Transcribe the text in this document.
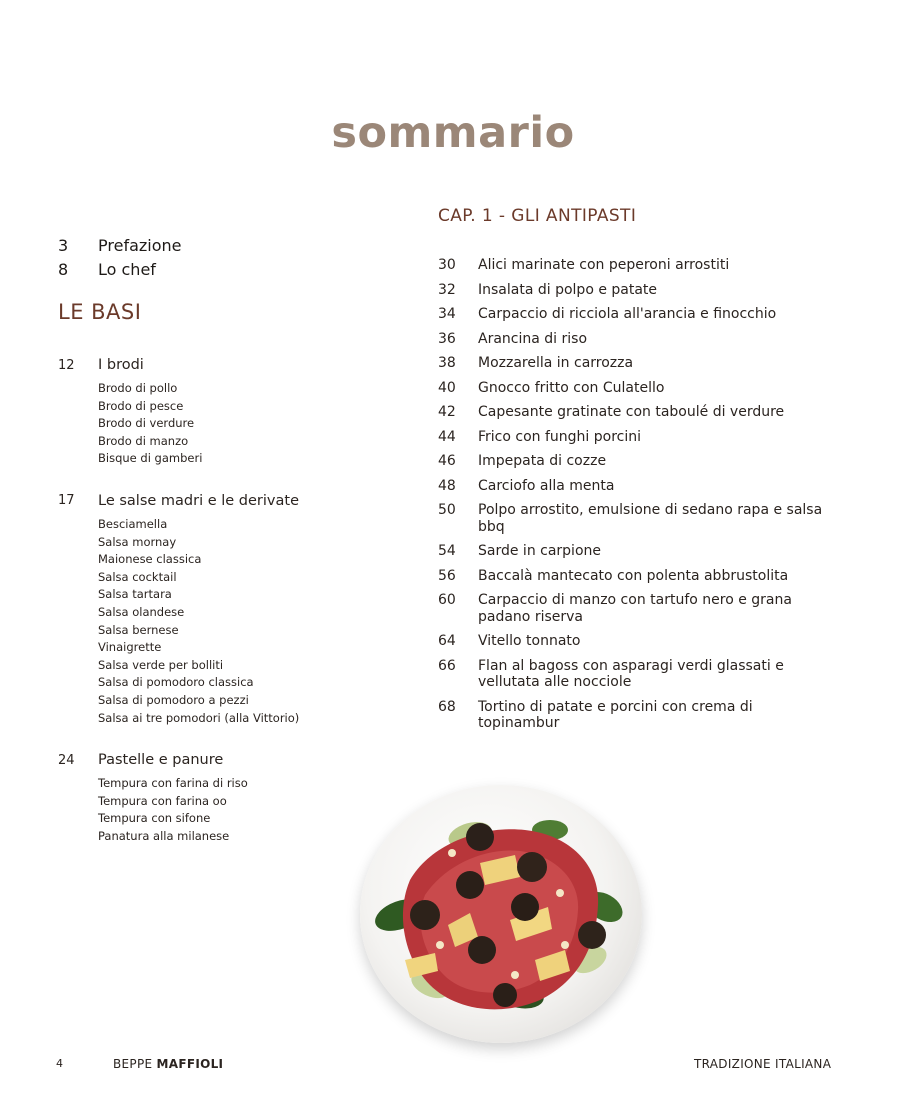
sommario
3	Prefazione
8	Lo chef
LE BASI
12	I brodi
Brodo di pollo
Brodo di pesce
Brodo di verdure
Brodo di manzo
Bisque di gamberi
17	Le salse madri e le derivate
Besciamella
Salsa mornay
Maionese classica
Salsa cocktail
Salsa tartara
Salsa olandese
Salsa bernese
Vinaigrette
Salsa verde per bolliti
Salsa di pomodoro classica
Salsa di pomodoro a pezzi
Salsa ai tre pomodori (alla Vittorio)
24	Pastelle e panure
Tempura con farina di riso
Tempura con farina oo
Tempura con sifone
Panatura alla milanese
CAP. 1 - GLI ANTIPASTI
30	Alici marinate con peperoni arrostiti
32	Insalata di polpo e patate
34	Carpaccio di ricciola all'arancia e finocchio
36	Arancina di riso
38	Mozzarella in carrozza
40	Gnocco fritto con Culatello
42	Capesante gratinate con taboulé di verdure
44	Frico con funghi porcini
46	Impepata di cozze
48	Carciofo alla menta
50	Polpo arrostito, emulsione di sedano rapa e salsa bbq
54	Sarde in carpione
56	Baccalà mantecato con polenta abbrustolita
60	Carpaccio di manzo con tartufo nero e grana padano riserva
64	Vitello tonnato
66	Flan al bagoss con asparagi verdi glassati e vellutata alle nocciole
68	Tortino di patate e porcini con crema di topinambur
4	BEPPE MAFFIOLI	TRADIZIONE ITALIANA
